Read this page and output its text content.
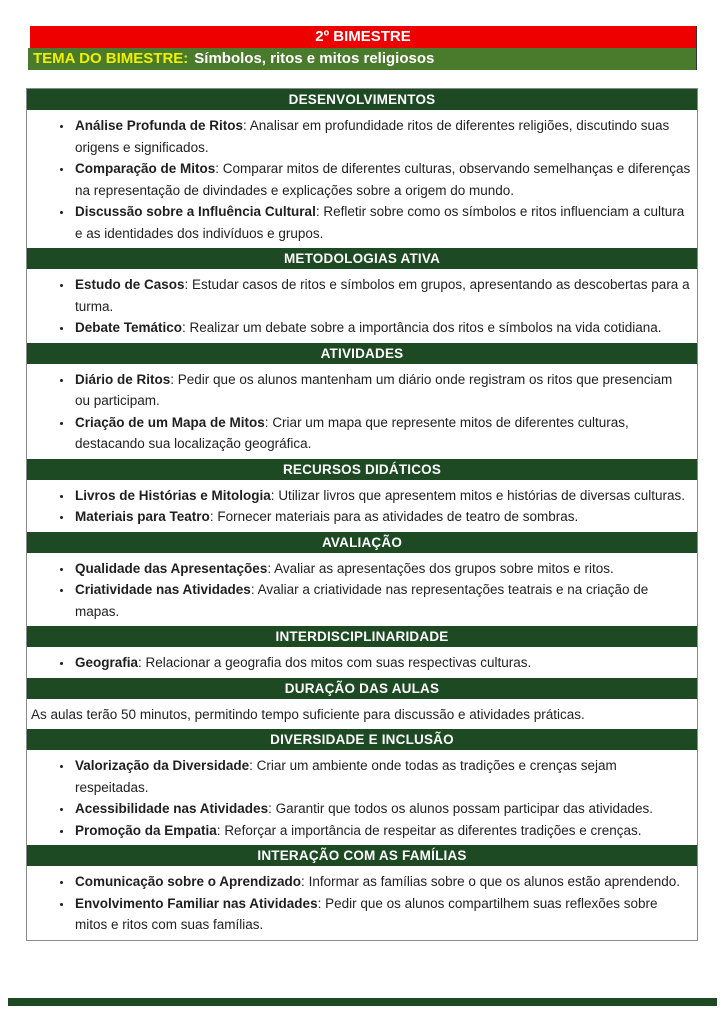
2º BIMESTRE
TEMA DO BIMESTRE: Símbolos, ritos e mitos religiosos
DESENVOLVIMENTOS
• Análise Profunda de Ritos: Analisar em profundidade ritos de diferentes religiões, discutindo suas origens e significados.
• Comparação de Mitos: Comparar mitos de diferentes culturas, observando semelhanças e diferenças na representação de divindades e explicações sobre a origem do mundo.
• Discussão sobre a Influência Cultural: Refletir sobre como os símbolos e ritos influenciam a cultura e as identidades dos indivíduos e grupos.
METODOLOGIAS ATIVA
• Estudo de Casos: Estudar casos de ritos e símbolos em grupos, apresentando as descobertas para a turma.
• Debate Temático: Realizar um debate sobre a importância dos ritos e símbolos na vida cotidiana.
ATIVIDADES
• Diário de Ritos: Pedir que os alunos mantenham um diário onde registram os ritos que presenciam ou participam.
• Criação de um Mapa de Mitos: Criar um mapa que represente mitos de diferentes culturas, destacando sua localização geográfica.
RECURSOS DIDÁTICOS
• Livros de Histórias e Mitologia: Utilizar livros que apresentem mitos e histórias de diversas culturas.
• Materiais para Teatro: Fornecer materiais para as atividades de teatro de sombras.
AVALIAÇÃO
• Qualidade das Apresentações: Avaliar as apresentações dos grupos sobre mitos e ritos.
• Criatividade nas Atividades: Avaliar a criatividade nas representações teatrais e na criação de mapas.
INTERDISCIPLINARIDADE
• Geografia: Relacionar a geografia dos mitos com suas respectivas culturas.
DURAÇÃO DAS AULAS
As aulas terão 50 minutos, permitindo tempo suficiente para discussão e atividades práticas.
DIVERSIDADE E INCLUSÃO
• Valorização da Diversidade: Criar um ambiente onde todas as tradições e crenças sejam respeitadas.
• Acessibilidade nas Atividades: Garantir que todos os alunos possam participar das atividades.
• Promoção da Empatia: Reforçar a importância de respeitar as diferentes tradições e crenças.
INTERAÇÃO COM AS FAMÍLIAS
• Comunicação sobre o Aprendizado: Informar as famílias sobre o que os alunos estão aprendendo.
• Envolvimento Familiar nas Atividades: Pedir que os alunos compartilhem suas reflexões sobre mitos e ritos com suas famílias.
